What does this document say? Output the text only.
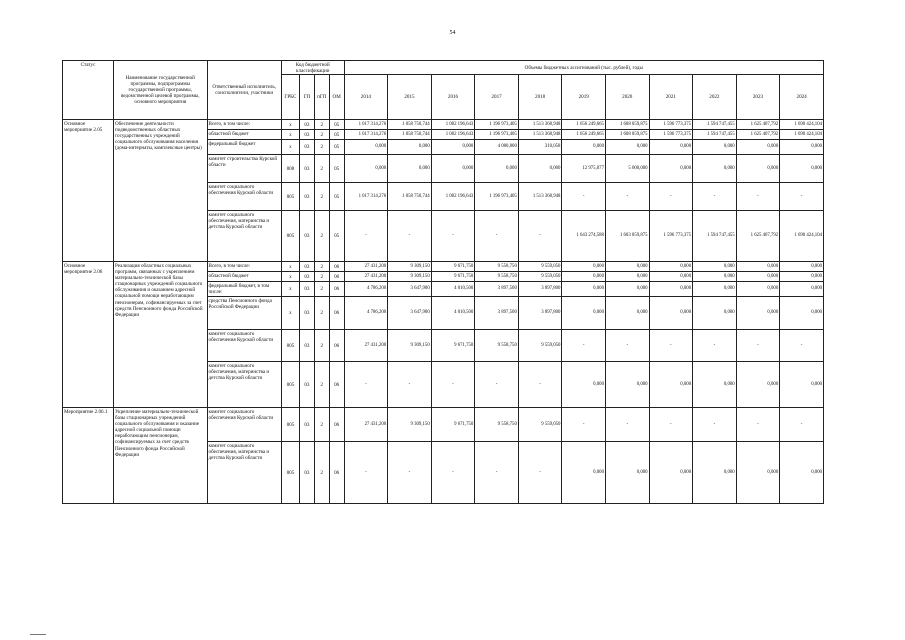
54
Статус	Наименование государственной программы, подпрограммы государственной программы, ведомственной целевой программы, основного мероприятия	Ответственный исполнитель, соисполнители, участники	Код бюджетной классификации				Объемы бюджетных ассигнований (тыс. рублей), годы										
			ГРБС	ГП	пГП	ОМ	2014	2015	2016	2017	2018	2019	2020	2021	2022	2023	2024
Основное мероприятие 2.05	Обеспечение деятельности подведомственных областных государственных учреждений социального обслуживания населения (дома-интернаты, комплексные центры)	Всего, в том числе:	х	03	2	05	1 017 314,276	1 058 750,744	1 082 196,643	1 196 973,405	1 513 368,948	1 656 249,665	1 608 059,875	1 596 773,375	1 594 747,455	1 625 407,792	1 690 424,104
		областной бюджет	х	03	2	05	1 017 314,276	1 058 750,744	1 082 196,643	1 196 973,405	1 513 368,948	1 656 249,665	1 608 059,875	1 596 773,375	1 594 747,455	1 625 407,792	1 690 424,104
		федеральный бюджет	х	03	2	05	0,000	0,000	0,000	4 080,800	310,058	0,000	0,000	0,000	0,000	0,000	0,000
		комитет строительства Курской области	808	03	2	05	0,000	0,000	0,000	0,000	0,000	12 975,077	5 000,000	0,000	0,000	0,000	0,000
		комитет социального обеспечения Курской области	805	03	2	05	1 017 314,276	1 058 750,744	1 082 196,643	1 196 973,405	1 513 368,948	-	-	-	-	-	-
		комитет социального обеспечения, материнства и детства Курской области	805	03	2	05	-	-	-	-	-	1 643 274,588	1 603 059,875	1 596 773,375	1 594 747,455	1 625 407,792	1 690 424,104
Основное мероприятие 2.06	Реализация областных социальных программ, связанных с укреплением материально-технической базы стационарных учреждений социального обслуживания и оказанием адресной социальной помощи неработающим пенсионерам, софинансируемых за счет средств Пенсионного фонда Российской Федерации	Всего, в том числе:	х	03	2	06	27 431,200	9 309,150	9 671,750	9 558,750	9 559,050	0,000	0,000	0,000	0,000	0,000	0,000
		областной бюджет	х	03	2	06	27 431,200	9 309,150	9 671,750	9 558,750	9 559,050	0,000	0,000	0,000	0,000	0,000	0,000
		федеральный бюджет, в том числе:	х	03	2	06	4 786,200	3 647,900	4 010,500	3 897,500	3 897,800	0,000	0,000	0,000	0,000	0,000	0,000
		средства Пенсионного фонда Российской Федерации	х	03	2	06	4 786,200	3 647,900	4 010,500	3 897,500	3 897,800	0,000	0,000	0,000	0,000	0,000	0,000
		комитет социального обеспечения Курской области	805	03	2	06	27 431,200	9 309,150	9 671,750	9 558,750	9 559,050	-	-	-	-	-	-
		комитет социального обеспечения, материнства и детства Курской области	805	03	2	06	-	-	-	-	-	0,000	0,000	0,000	0,000	0,000	0,000
Мероприятие 2.06.1	Укрепление материально-технической базы стационарных учреждений социального обслуживания и оказание адресной социальной помощи неработающим пенсионерам, софинансируемых за счет средств Пенсионного фонда Российской Федерации	комитет социального обеспечения Курской области	805	03	2	06	27 431,200	9 309,150	9 671,750	9 558,750	9 559,050	-	-	-	-	-	-
		комитет социального обеспечения, материнства и детства Курской области	805	03	2	06	-	-	-	-	-	0,000	0,000	0,000	0,000	0,000	0,000
